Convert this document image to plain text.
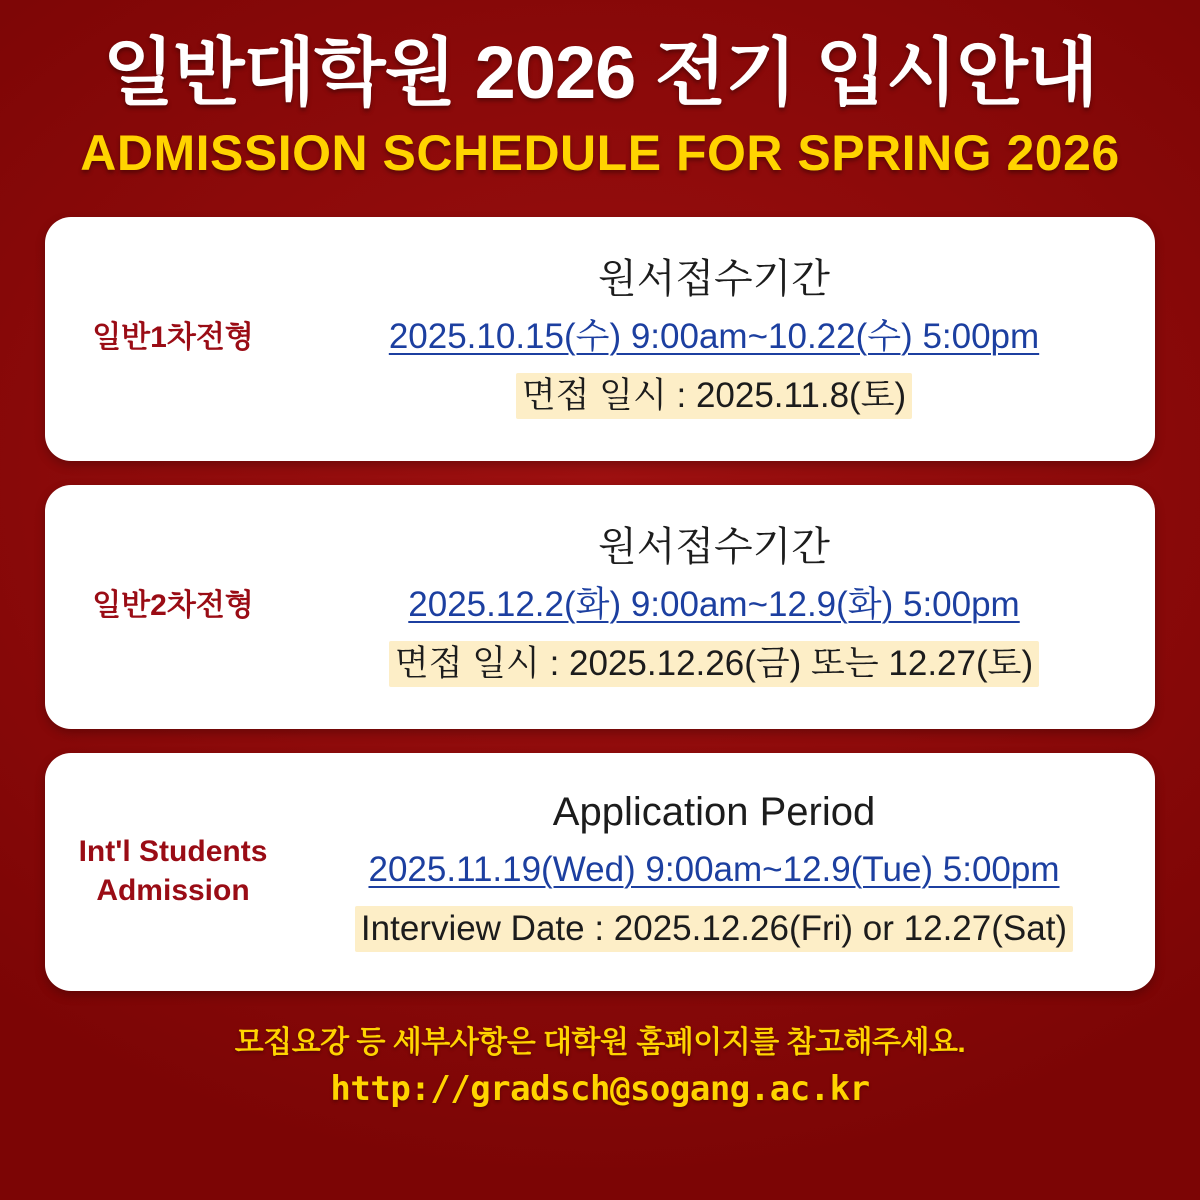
일반대학원 2026 전기 입시안내
ADMISSION SCHEDULE FOR SPRING 2026
일반1차전형
원서접수기간
2025.10.15(수) 9:00am~10.22(수) 5:00pm
면접 일시 : 2025.11.8(토)
일반2차전형
원서접수기간
2025.12.2(화) 9:00am~12.9(화) 5:00pm
면접 일시 : 2025.12.26(금) 또는 12.27(토)
Int'l Students
Admission
Application Period
2025.11.19(Wed) 9:00am~12.9(Tue) 5:00pm
Interview Date : 2025.12.26(Fri) or 12.27(Sat)
모집요강 등 세부사항은 대학원 홈페이지를 참고해주세요.
http://gradsch@sogang.ac.kr
